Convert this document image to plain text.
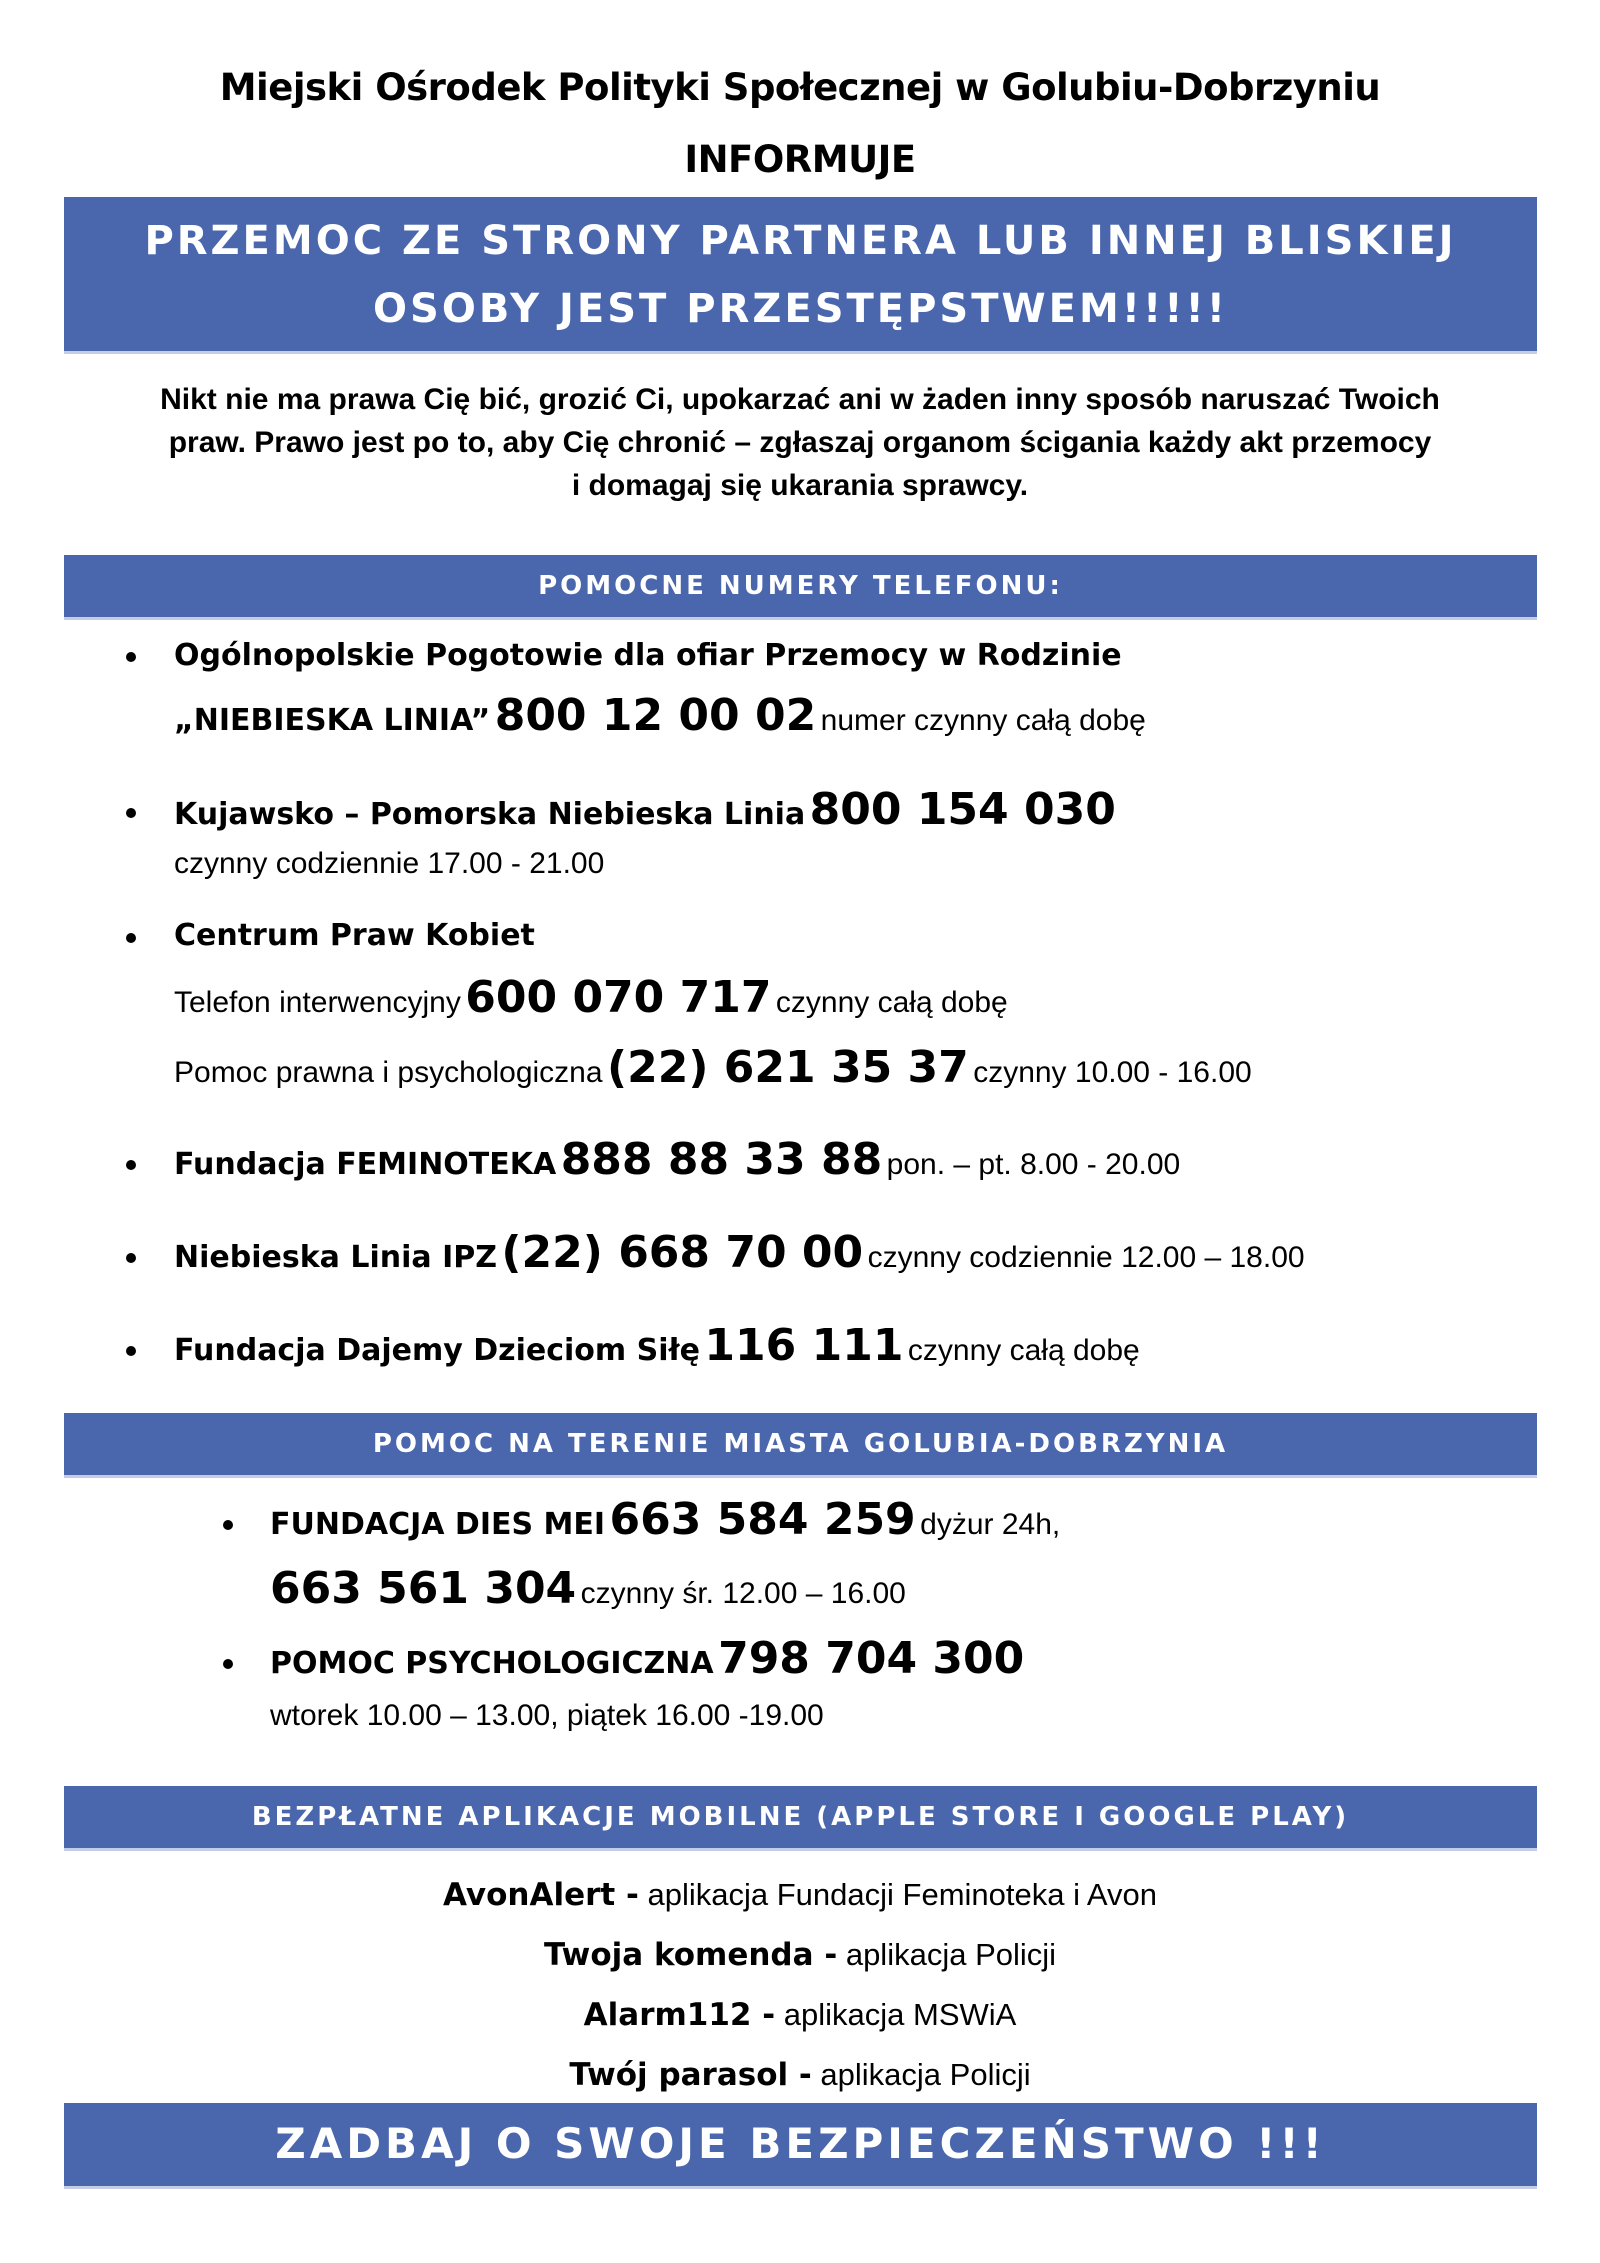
Miejski Ośrodek Polityki Społecznej w Golubiu-Dobrzyniu
INFORMUJE
PRZEMOC ZE STRONY PARTNERA LUB INNEJ BLISKIEJ
OSOBY JEST PRZESTĘPSTWEM!!!!!
Nikt nie ma prawa Cię bić, grozić Ci, upokarzać ani w żaden inny sposób naruszać Twoich
praw. Prawo jest po to, aby Cię chronić – zgłaszaj organom ścigania każdy akt przemocy
i domagaj się ukarania sprawcy.
POMOCNE NUMERY TELEFONU:
Ogólnopolskie Pogotowie dla ofiar Przemocy w Rodzinie
„NIEBIESKA LINIA” 800 12 00 02 numer czynny całą dobę
Kujawsko – Pomorska Niebieska Linia 800 154 030
czynny codziennie 17.00 - 21.00
Centrum Praw Kobiet
Telefon interwencyjny 600 070 717 czynny całą dobę
Pomoc prawna i psychologiczna (22) 621 35 37 czynny 10.00 - 16.00
Fundacja FEMINOTEKA 888 88 33 88 pon. – pt. 8.00 - 20.00
Niebieska Linia IPZ (22) 668 70 00 czynny codziennie 12.00 – 18.00
Fundacja Dajemy Dzieciom Siłę 116 111 czynny całą dobę
POMOC NA TERENIE MIASTA GOLUBIA-DOBRZYNIA
FUNDACJA DIES MEI 663 584 259 dyżur 24h,
663 561 304 czynny śr. 12.00 – 16.00
POMOC PSYCHOLOGICZNA 798 704 300
wtorek 10.00 – 13.00, piątek 16.00 -19.00
BEZPŁATNE APLIKACJE MOBILNE (APPLE STORE I GOOGLE PLAY)
AvonAlert - aplikacja Fundacji Feminoteka i Avon
Twoja komenda - aplikacja Policji
Alarm112 - aplikacja MSWiA
Twój parasol - aplikacja Policji
ZADBAJ O SWOJE BEZPIECZEŃSTWO !!!
